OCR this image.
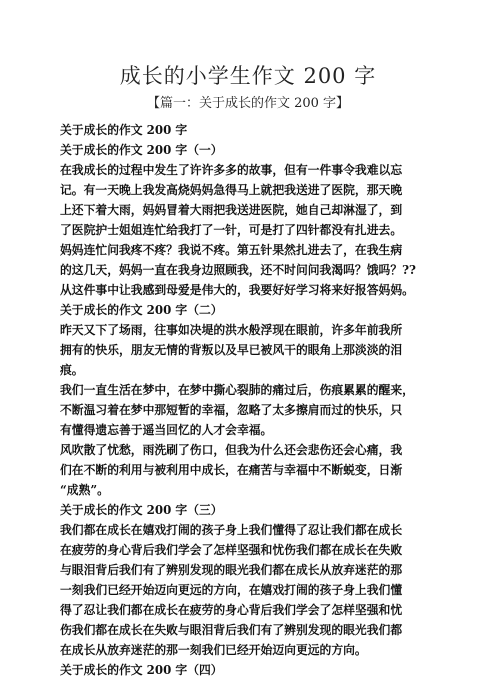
成长的小学生作文 200 字
【篇一：关于成长的作文 200 字】
关于成长的作文 200 字
关于成长的作文 200 字（一）
在我成长的过程中发生了许许多多的故事，但有一件事令我难以忘
记。有一天晚上我发高烧妈妈急得马上就把我送进了医院，那天晚
上还下着大雨，妈妈冒着大雨把我送进医院，她自己却淋湿了，到
了医院护士姐姐连忙给我打了一针，可是打了四针都没有扎进去。
妈妈连忙问我疼不疼？我说不疼。第五针果然扎进去了，在我生病
的这几天，妈妈一直在我身边照顾我，还不时问问我渴吗？饿吗？??
从这件事中让我感到母爱是伟大的，我要好好学习将来好报答妈妈。
关于成长的作文 200 字（二）
昨天又下了场雨，往事如决堤的洪水般浮现在眼前，许多年前我所
拥有的快乐，朋友无情的背叛以及早已被风干的眼角上那淡淡的泪
痕。
我们一直生活在梦中，在梦中撕心裂肺的痛过后，伤痕累累的醒来，
不断温习着在梦中那短暂的幸福，忽略了太多擦肩而过的快乐，只
有懂得遗忘善于遥当回忆的人才会幸福。
风吹散了忧愁，雨洗刷了伤口，但我为什么还会悲伤还会心痛，我
们在不断的利用与被利用中成长，在痛苦与幸福中不断蜕变，日渐
“成熟”。
关于成长的作文 200 字（三）
我们都在成长在嬉戏打闹的孩子身上我们懂得了忍让我们都在成长
在疲劳的身心背后我们学会了怎样坚强和忧伤我们都在成长在失败
与眼泪背后我们有了辨别发现的眼光我们都在成长从放弃迷茫的那
一刻我们已经开始迈向更远的方向，在嬉戏打闹的孩子身上我们懂
得了忍让我们都在成长在疲劳的身心背后我们学会了怎样坚强和忧
伤我们都在成长在失败与眼泪背后我们有了辨别发现的眼光我们都
在成长从放弃迷茫的那一刻我们已经开始迈向更远的方向。
关于成长的作文 200 字（四）
